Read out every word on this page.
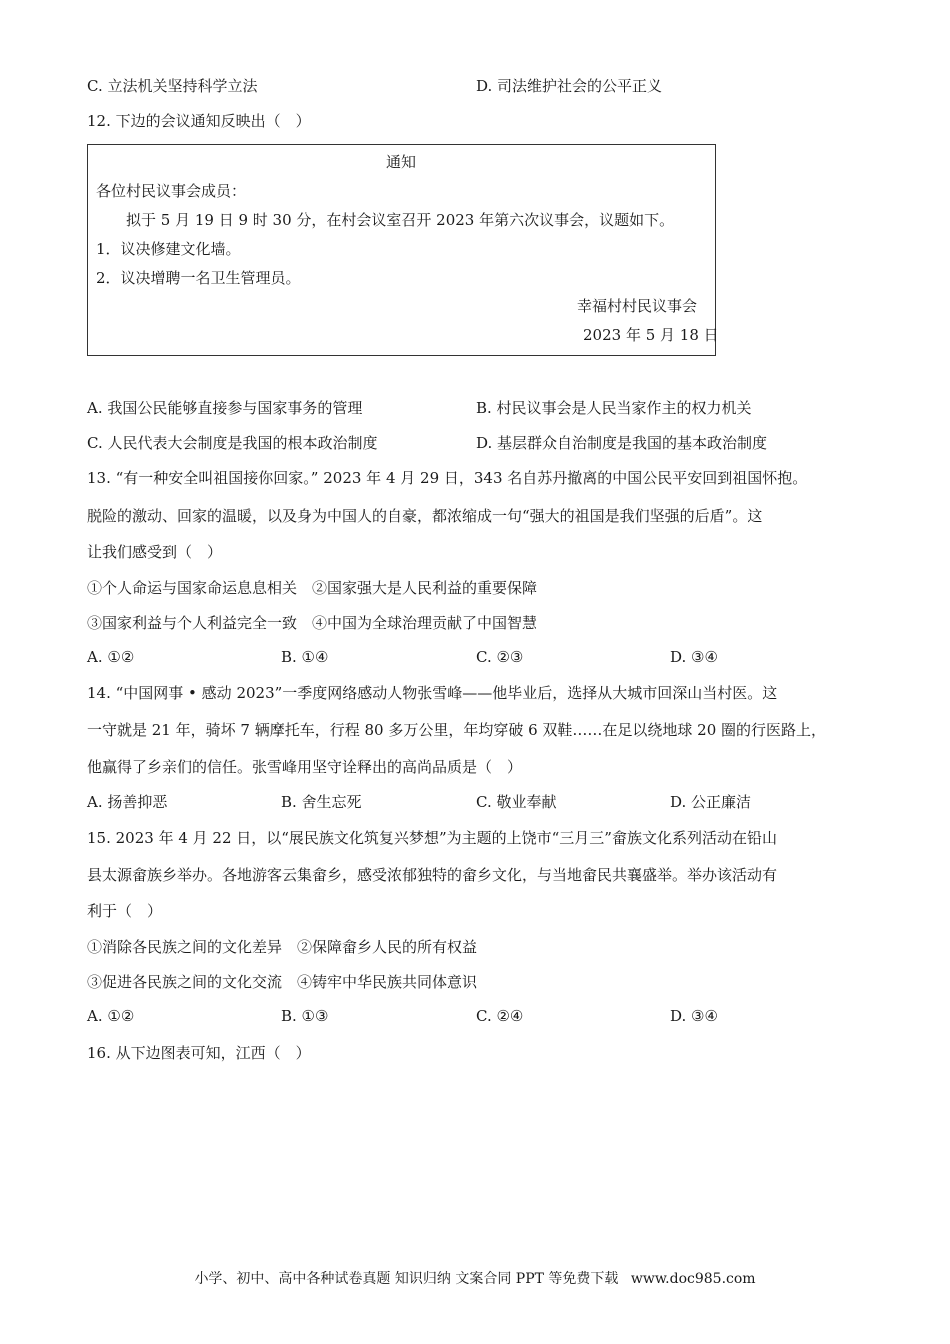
C. 立法机关坚持科学立法	D. 司法维护社会的公平正义
12. 下边的会议通知反映出（　）
通知
各位村民议事会成员：
拟于 5 月 19 日 9 时 30 分，在村会议室召开 2023 年第六次议事会，议题如下。
1．议决修建文化墙。
2．议决增聘一名卫生管理员。
幸福村村民议事会
2023 年 5 月 18 日
A. 我国公民能够直接参与国家事务的管理	B. 村民议事会是人民当家作主的权力机关
C. 人民代表大会制度是我国的根本政治制度	D. 基层群众自治制度是我国的基本政治制度
13. “有一种安全叫祖国接你回家。” 2023 年 4 月 29 日，343 名自苏丹撤离的中国公民平安回到祖国怀抱。
脱险的激动、回家的温暖，以及身为中国人的自豪，都浓缩成一句“强大的祖国是我们坚强的后盾”。这
让我们感受到（　）
①个人命运与国家命运息息相关　②国家强大是人民利益的重要保障
③国家利益与个人利益完全一致　④中国为全球治理贡献了中国智慧
A. ①②	B. ①④	C. ②③	D. ③④
14. “中国网事 • 感动 2023”一季度网络感动人物张雪峰——他毕业后，选择从大城市回深山当村医。这
一守就是 21 年，骑坏 7 辆摩托车，行程 80 多万公里，年均穿破 6 双鞋……在足以绕地球 20 圈的行医路上，
他赢得了乡亲们的信任。张雪峰用坚守诠释出的高尚品质是（　）
A. 扬善抑恶	B. 舍生忘死	C. 敬业奉献	D. 公正廉洁
15. 2023 年 4 月 22 日，以“展民族文化筑复兴梦想”为主题的上饶市“三月三”畲族文化系列活动在铅山
县太源畲族乡举办。各地游客云集畲乡，感受浓郁独特的畲乡文化，与当地畲民共襄盛举。举办该活动有
利于（　）
①消除各民族之间的文化差异　②保障畲乡人民的所有权益
③促进各民族之间的文化交流　④铸牢中华民族共同体意识
A. ①②	B. ①③	C. ②④	D. ③④
16. 从下边图表可知，江西（　）
小学、初中、高中各种试卷真题 知识归纳 文案合同 PPT 等免费下载 www.doc985.com
